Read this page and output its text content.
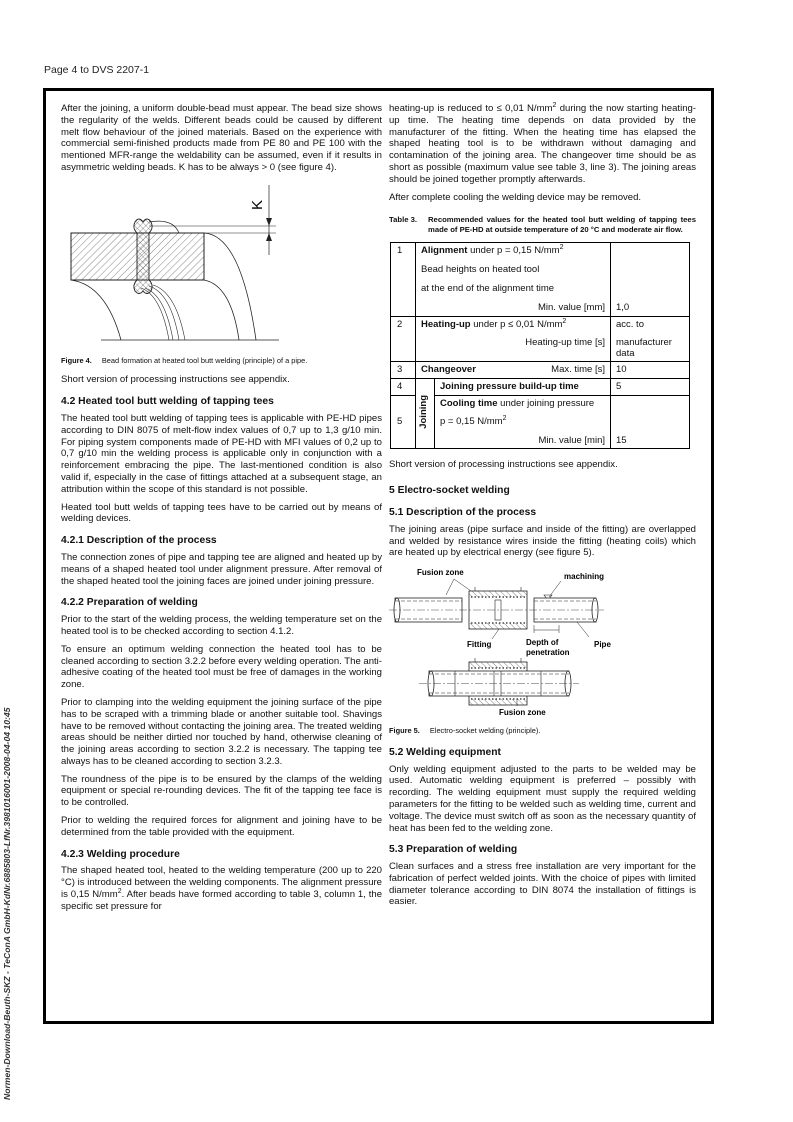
Page 4 to DVS 2207-1
Normen-Download-Beuth-SKZ - TeConA GmbH-KdNr.6885803-LfNr.3981016001-2008-04-04 10:45

After the joining, a uniform double-bead must appear. The bead size shows the regularity of the welds. Different beads could be caused by different melt flow behaviour of the joined materials. Based on the experience with commercial semi-finished products made from PE 80 and PE 100 with the mentioned MFR-range the weldability can be assumed, even if it results in asymmetric welding beads. K has to be always > 0 (see figure 4).

K
Figure 4. Bead formation at heated tool butt welding (principle) of a pipe.

Short version of processing instructions see appendix.

4.2 Heated tool butt welding of tapping tees

The heated tool butt welding of tapping tees is applicable with PE-HD pipes according to DIN 8075 of melt-flow index values of 0,7 up to 1,3 g/10 min. For piping system components made of PE-HD with MFI values of 0,2 up to 0,7 g/10 min the welding process is applicable only in conjunction with a reinforcement embracing the pipe. The last-mentioned condition is also valid if, especially in the case of fittings attached at a subsequent stage, an attribution within the scope of this standard is not possible.

Heated tool butt welds of tapping tees have to be carried out by means of welding devices.

4.2.1 Description of the process

The connection zones of pipe and tapping tee are aligned and heated up by means of a shaped heated tool under alignment pressure. After removal of the shaped heated tool the joining faces are joined under joining pressure.

4.2.2 Preparation of welding

Prior to the start of the welding process, the welding temperature set on the heated tool is to be checked according to section 4.1.2.

To ensure an optimum welding connection the heated tool has to be cleaned according to section 3.2.2 before every welding operation. The anti-adhesive coating of the heated tool must be free of damages in the working zone.

Prior to clamping into the welding equipment the joining surface of the pipe has to be scraped with a trimming blade or another suitable tool. Shavings have to be removed without contacting the joining area. The treated welding areas should be neither dirtied nor touched by hand, otherwise cleaning of the joining areas according to section 3.2.2 is necessary. The tapping tee always has to be cleaned according to section 3.2.3.

The roundness of the pipe is to be ensured by the clamps of the welding equipment or special re-rounding devices. The fit of the tapping tee face is to be controlled.

Prior to welding the required forces for alignment and joining have to be determined from the table provided with the equipment.

4.2.3 Welding procedure

The shaped heated tool, heated to the welding temperature (200 up to 220 °C) is introduced between the welding components. The alignment pressure is 0,15 $N/mm^2$. After beads have formed according to table 3, column 1, the specific set pressure for

heating-up is reduced to ≤ 0,01 $N/mm^2$ during the now starting heating-up time. The heating time depends on data provided by the manufacturer of the fitting. When the heating time has elapsed the shaped heating tool is to be withdrawn without damaging and contamination of the joining area. The changeover time should be as short as possible (maximum value see table 3, line 3). The joining areas should be joined together promptly afterwards.

After complete cooling the welding device may be removed.

Table 3.	Recommended values for the heated tool butt welding of tapping tees made of PE-HD at outside temperature of 20 °C and moderate air flow.
1	Alignment under p = 0,15 $N/mm^2$
Bead heights on heated tool
at the end of the alignment time
Min. value [mm]		1,0
2	Heating-up under p ≤ 0,01 $N/mm^2$
Heating-up time [s]		acc. to
manufacturer data

3	Changeover Max. time [s]		10
4	Joining	Joining pressure build-up time	5
5		Cooling time under joining pressure
p = 0,15 $N/mm^2$
Min. value [min]	15

Short version of processing instructions see appendix.

5 Electro-socket welding
5.1 Description of the process

The joining areas (pipe surface and inside of the fitting) are overlapped and welded by resistance wires inside the fitting (heating coils) which are heated up by electrical energy (see figure 5).

Fusion zone	machining
Fitting	Depth of
penetration
Pipe
Fusion zone
Figure 5. Electro-socket welding (principle).
5.2 Welding equipment

Only welding equipment adjusted to the parts to be welded may be used. Automatic welding equipment is preferred – possibly with recording. The welding equipment must supply the required welding parameters for the fitting to be welded such as welding time, current and voltage. The device must switch off as soon as the necessary quantity of heat has been fed to the welding zone.

5.3 Preparation of welding

Clean surfaces and a stress free installation are very important for the fabrication of perfect welded joints. With the choice of pipes with limited diameter tolerance according to DIN 8074 the installation of fittings is easier.
